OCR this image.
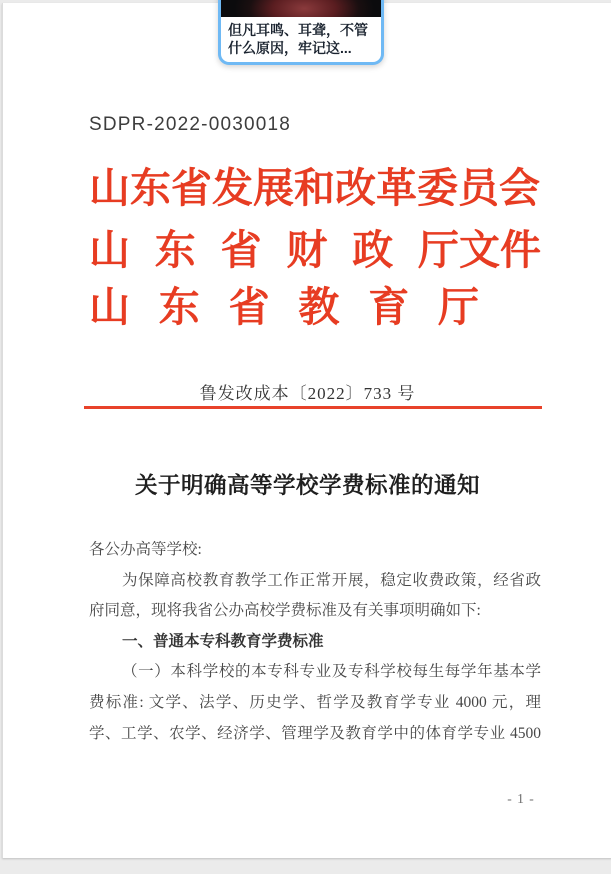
SDPR-2022-0030018
山东省发展和改革委员会
山 东 省 财 政 厅 文件
山 东 省 教 育 厅
鲁发改成本〔2022〕733 号
关于明确高等学校学费标准的通知
各公办高等学校:
为保障高校教育教学工作正常开展，稳定收费政策，经省政
府同意，现将我省公办高校学费标准及有关事项明确如下:
一、普通本专科教育学费标准
（一）本科学校的本专科专业及专科学校每生每学年基本学
费标准: 文学、法学、历史学、哲学及教育学专业 4000 元，理
学、工学、农学、经济学、管理学及教育学中的体育学专业 4500
- 1 -
但凡耳鸣、耳聋，不管
什么原因，牢记这...
